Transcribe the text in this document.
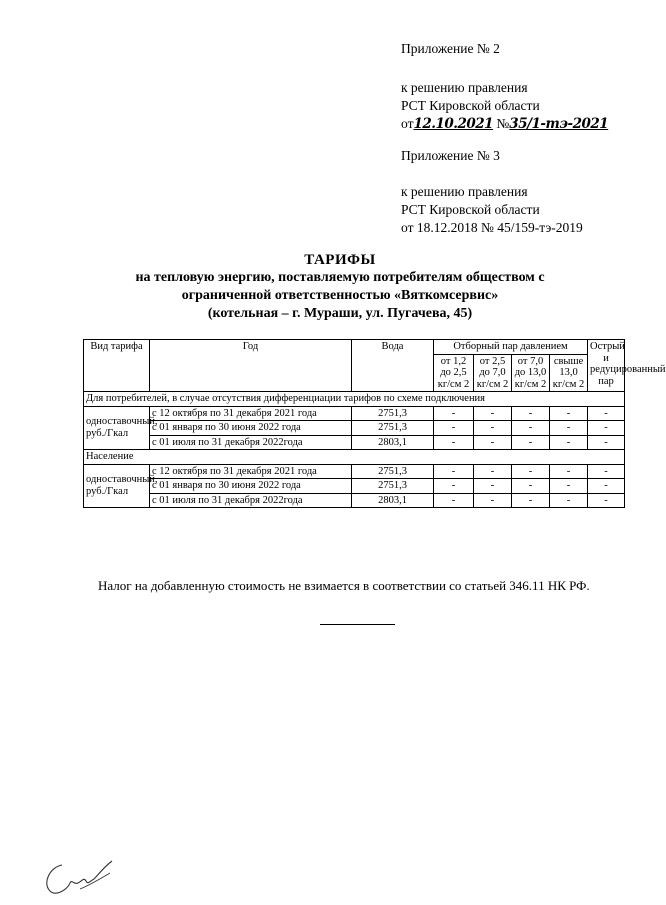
Приложение № 2
к решению правления
РСТ Кировской области
от12.10.2021 №35/1-тэ-2021
Приложение № 3
к решению правления
РСТ Кировской области
от 18.12.2018 № 45/159-тэ-2019
ТАРИФЫ
на тепловую энергию, поставляемую потребителям обществом с
ограниченной ответственностью «Вяткомсервис»
(котельная – г. Мураши, ул. Пугачева, 45)
Вид тарифа	Год	Вода	Отборный пар давлением				Острый и редуцированный пар
			от 1,2 до 2,5 кг/см 2	от 2,5 до 7,0 кг/см 2	от 7,0 до 13,0 кг/см 2	свыше 13,0 кг/см 2	
Для потребителей, в случае отсутствия дифференциации тарифов по схеме подключения							
одноставочный, руб./Гкал	с 12 октября по 31 декабря 2021 года	2751,3	-	-	-	-	-
	с 01 января по 30 июня 2022 года	2751,3	-	-	-	-	-
	с 01 июля по 31 декабря 2022года	2803,1	-	-	-	-	-
Население							
одноставочный, руб./Гкал	с 12 октября по 31 декабря 2021 года	2751,3	-	-	-	-	-
	с 01 января по 30 июня 2022 года	2751,3	-	-	-	-	-
	с 01 июля по 31 декабря 2022года	2803,1	-	-	-	-	-
Налог на добавленную стоимость не взимается в соответствии со статьей 346.11 НК РФ.
